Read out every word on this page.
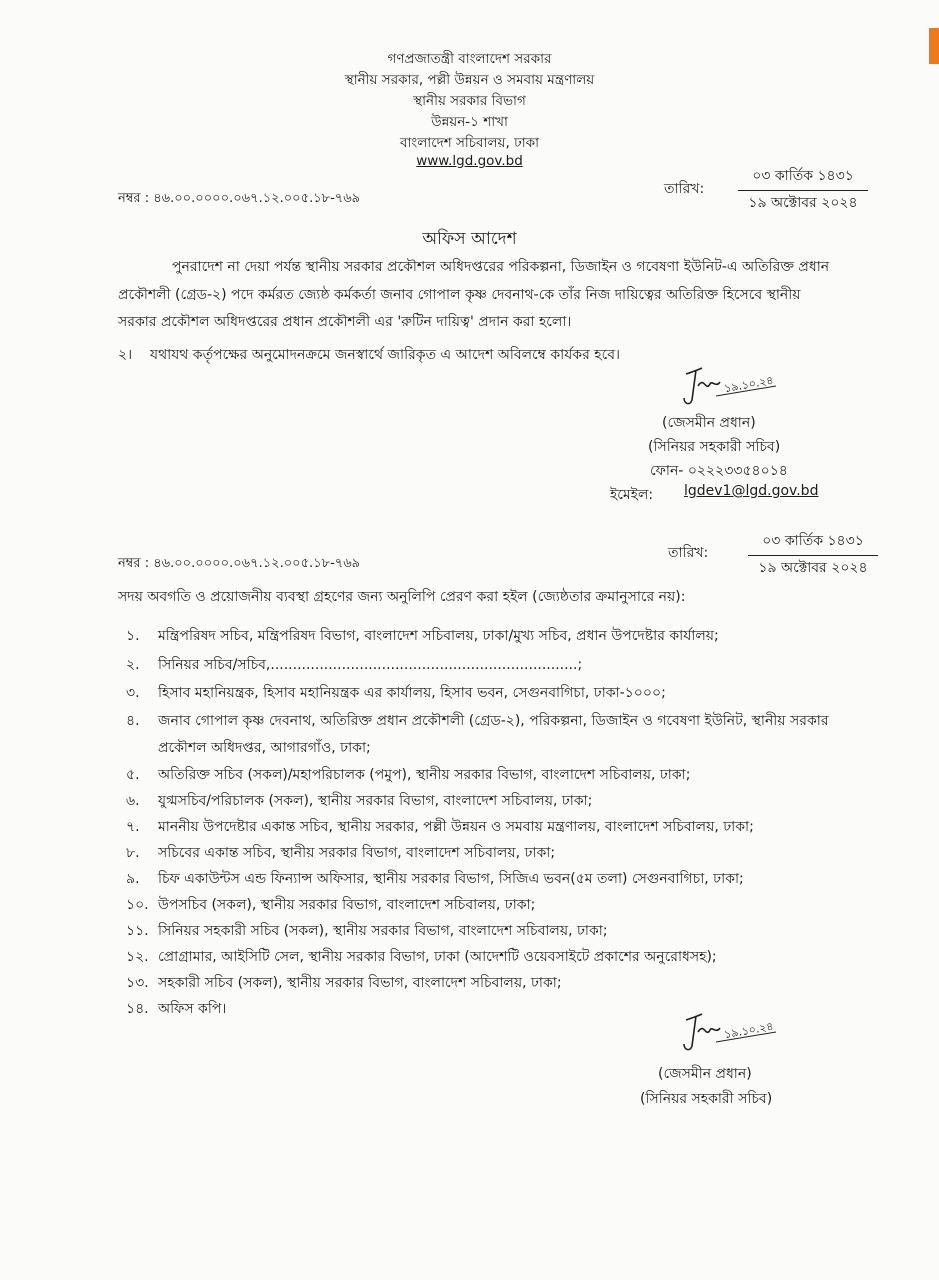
গণপ্রজাতন্ত্রী বাংলাদেশ সরকার
স্থানীয় সরকার, পল্লী উন্নয়ন ও সমবায় মন্ত্রণালয়
স্থানীয় সরকার বিভাগ
উন্নয়ন-১ শাখা
বাংলাদেশ সচিবালয়, ঢাকা
www.lgd.gov.bd
নম্বর : ৪৬.০০.০০০০.০৬৭.১২.০০৫.১৮-৭৬৯
তারিখ:
০৩ কার্তিক ১৪৩১
১৯ অক্টোবর ২০২৪
অফিস আদেশ
পুনরাদেশ না দেয়া পর্যন্ত স্থানীয় সরকার প্রকৌশল অধিদপ্তরের পরিকল্পনা, ডিজাইন ও গবেষণা ইউনিট-এ অতিরিক্ত প্রধান
প্রকৌশলী (গ্রেড-২) পদে কর্মরত জ্যেষ্ঠ কর্মকর্তা জনাব গোপাল কৃষ্ণ দেবনাথ-কে তাঁর নিজ দায়িত্বের অতিরিক্ত হিসেবে স্থানীয়
সরকার প্রকৌশল অধিদপ্তরের প্রধান প্রকৌশলী এর 'রুটিন দায়িত্ব' প্রদান করা হলো।
২। যথাযথ কর্তৃপক্ষের অনুমোদনক্রমে জনস্বার্থে জারিকৃত এ আদেশ অবিলম্বে কার্যকর হবে।
১৯.১০.২৪
(জেসমীন প্রধান)
(সিনিয়র সহকারী সচিব)
ফোন- ০২২২৩৩৫৪০১৪
ইমেইল: lgdev1@lgd.gov.bd
নম্বর : ৪৬.০০.০০০০.০৬৭.১২.০০৫.১৮-৭৬৯
তারিখ:
০৩ কার্তিক ১৪৩১
১৯ অক্টোবর ২০২৪
সদয় অবগতি ও প্রয়োজনীয় ব্যবস্থা গ্রহণের জন্য অনুলিপি প্রেরণ করা হইল (জ্যেষ্ঠতার ক্রমানুসারে নয়):
১. মন্ত্রিপরিষদ সচিব, মন্ত্রিপরিষদ বিভাগ, বাংলাদেশ সচিবালয়, ঢাকা/মুখ্য সচিব, প্রধান উপদেষ্টার কার্যালয়;
২. সিনিয়র সচিব/সচিব,.....................................................................;
৩. হিসাব মহানিয়ন্ত্রক, হিসাব মহানিয়ন্ত্রক এর কার্যালয়, হিসাব ভবন, সেগুনবাগিচা, ঢাকা-১০০০;
৪. জনাব গোপাল কৃষ্ণ দেবনাথ, অতিরিক্ত প্রধান প্রকৌশলী (গ্রেড-২), পরিকল্পনা, ডিজাইন ও গবেষণা ইউনিট, স্থানীয় সরকার
প্রকৌশল অধিদপ্তর, আগারগাঁও, ঢাকা;
৫. অতিরিক্ত সচিব (সকল)/মহাপরিচালক (পমুপ), স্থানীয় সরকার বিভাগ, বাংলাদেশ সচিবালয়, ঢাকা;
৬. যুগ্মসচিব/পরিচালক (সকল), স্থানীয় সরকার বিভাগ, বাংলাদেশ সচিবালয়, ঢাকা;
৭. মাননীয় উপদেষ্টার একান্ত সচিব, স্থানীয় সরকার, পল্লী উন্নয়ন ও সমবায় মন্ত্রণালয়, বাংলাদেশ সচিবালয়, ঢাকা;
৮. সচিবের একান্ত সচিব, স্থানীয় সরকার বিভাগ, বাংলাদেশ সচিবালয়, ঢাকা;
৯. চিফ একাউন্টস এন্ড ফিন্যান্স অফিসার, স্থানীয় সরকার বিভাগ, সিজিএ ভবন(৫ম তলা) সেগুনবাগিচা, ঢাকা;
১০. উপসচিব (সকল), স্থানীয় সরকার বিভাগ, বাংলাদেশ সচিবালয়, ঢাকা;
১১. সিনিয়র সহকারী সচিব (সকল), স্থানীয় সরকার বিভাগ, বাংলাদেশ সচিবালয়, ঢাকা;
১২. প্রোগ্রামার, আইসিটি সেল, স্থানীয় সরকার বিভাগ, ঢাকা (আদেশটি ওয়েবসাইটে প্রকাশের অনুরোধসহ);
১৩. সহকারী সচিব (সকল), স্থানীয় সরকার বিভাগ, বাংলাদেশ সচিবালয়, ঢাকা;
১৪. অফিস কপি।
১৯.১০.২৪
(জেসমীন প্রধান)
(সিনিয়র সহকারী সচিব)
